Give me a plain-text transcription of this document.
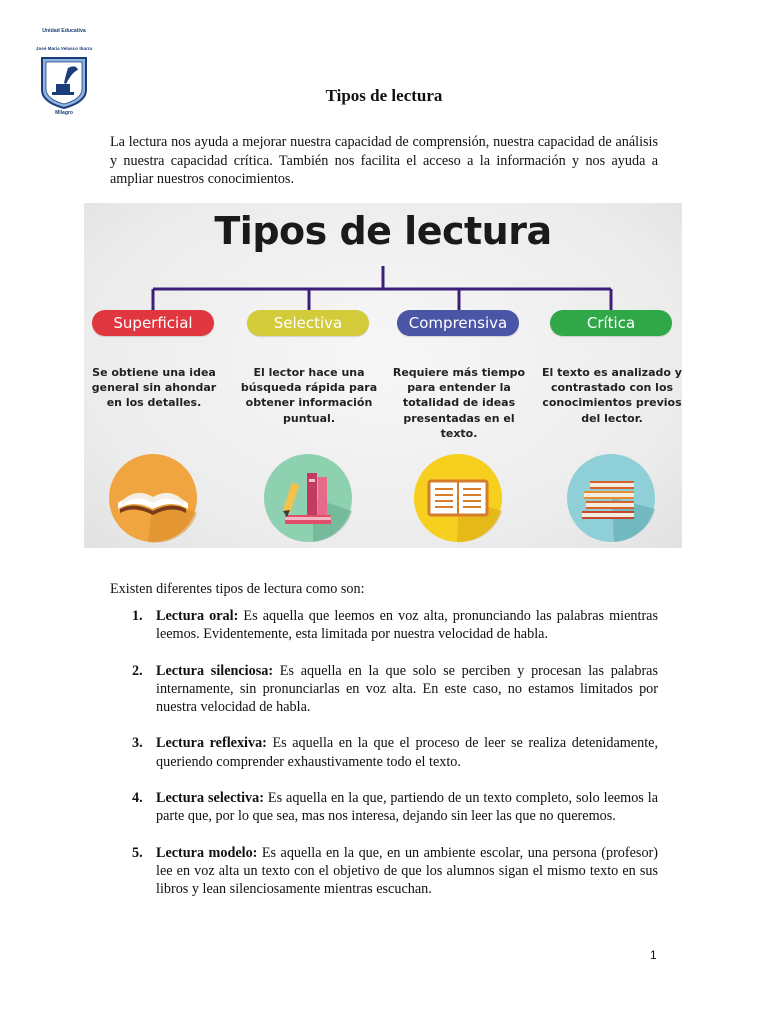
Unidad Educativa
José María Velasco Ibarra
Milagro
Tipos de lectura

La lectura nos ayuda a mejorar nuestra capacidad de comprensión, nuestra capacidad de análisis y nuestra capacidad crítica. También nos facilita el acceso a la información y nos ayuda a ampliar nuestros conocimientos.

Tipos de lectura
Superficial	Selectiva	Comprensiva	Crítica
Se obtiene una idea general sin ahondar en los detalles.
El lector hace una búsqueda rápida para obtener información puntual.
Requiere más tiempo para entender la totalidad de ideas presentadas en el texto.
El texto es analizado y contrastado con los conocimientos previos del lector.

Existen diferentes tipos de lectura como son:

1. Lectura oral: Es aquella que leemos en voz alta, pronunciando las palabras mientras leemos. Evidentemente, esta limitada por nuestra velocidad de habla.
2. Lectura silenciosa: Es aquella en la que solo se perciben y procesan las palabras internamente, sin pronunciarlas en voz alta. En este caso, no estamos limitados por nuestra velocidad de habla.
3. Lectura reflexiva: Es aquella en la que el proceso de leer se realiza detenidamente, queriendo comprender exhaustivamente todo el texto.
4. Lectura selectiva: Es aquella en la que, partiendo de un texto completo, solo leemos la parte que, por lo que sea, mas nos interesa, dejando sin leer las que no queremos.
5. Lectura modelo: Es aquella en la que, en un ambiente escolar, una persona (profesor) lee en voz alta un texto con el objetivo de que los alumnos sigan el mismo texto en sus libros y lean silenciosamente mientras escuchan.
1
